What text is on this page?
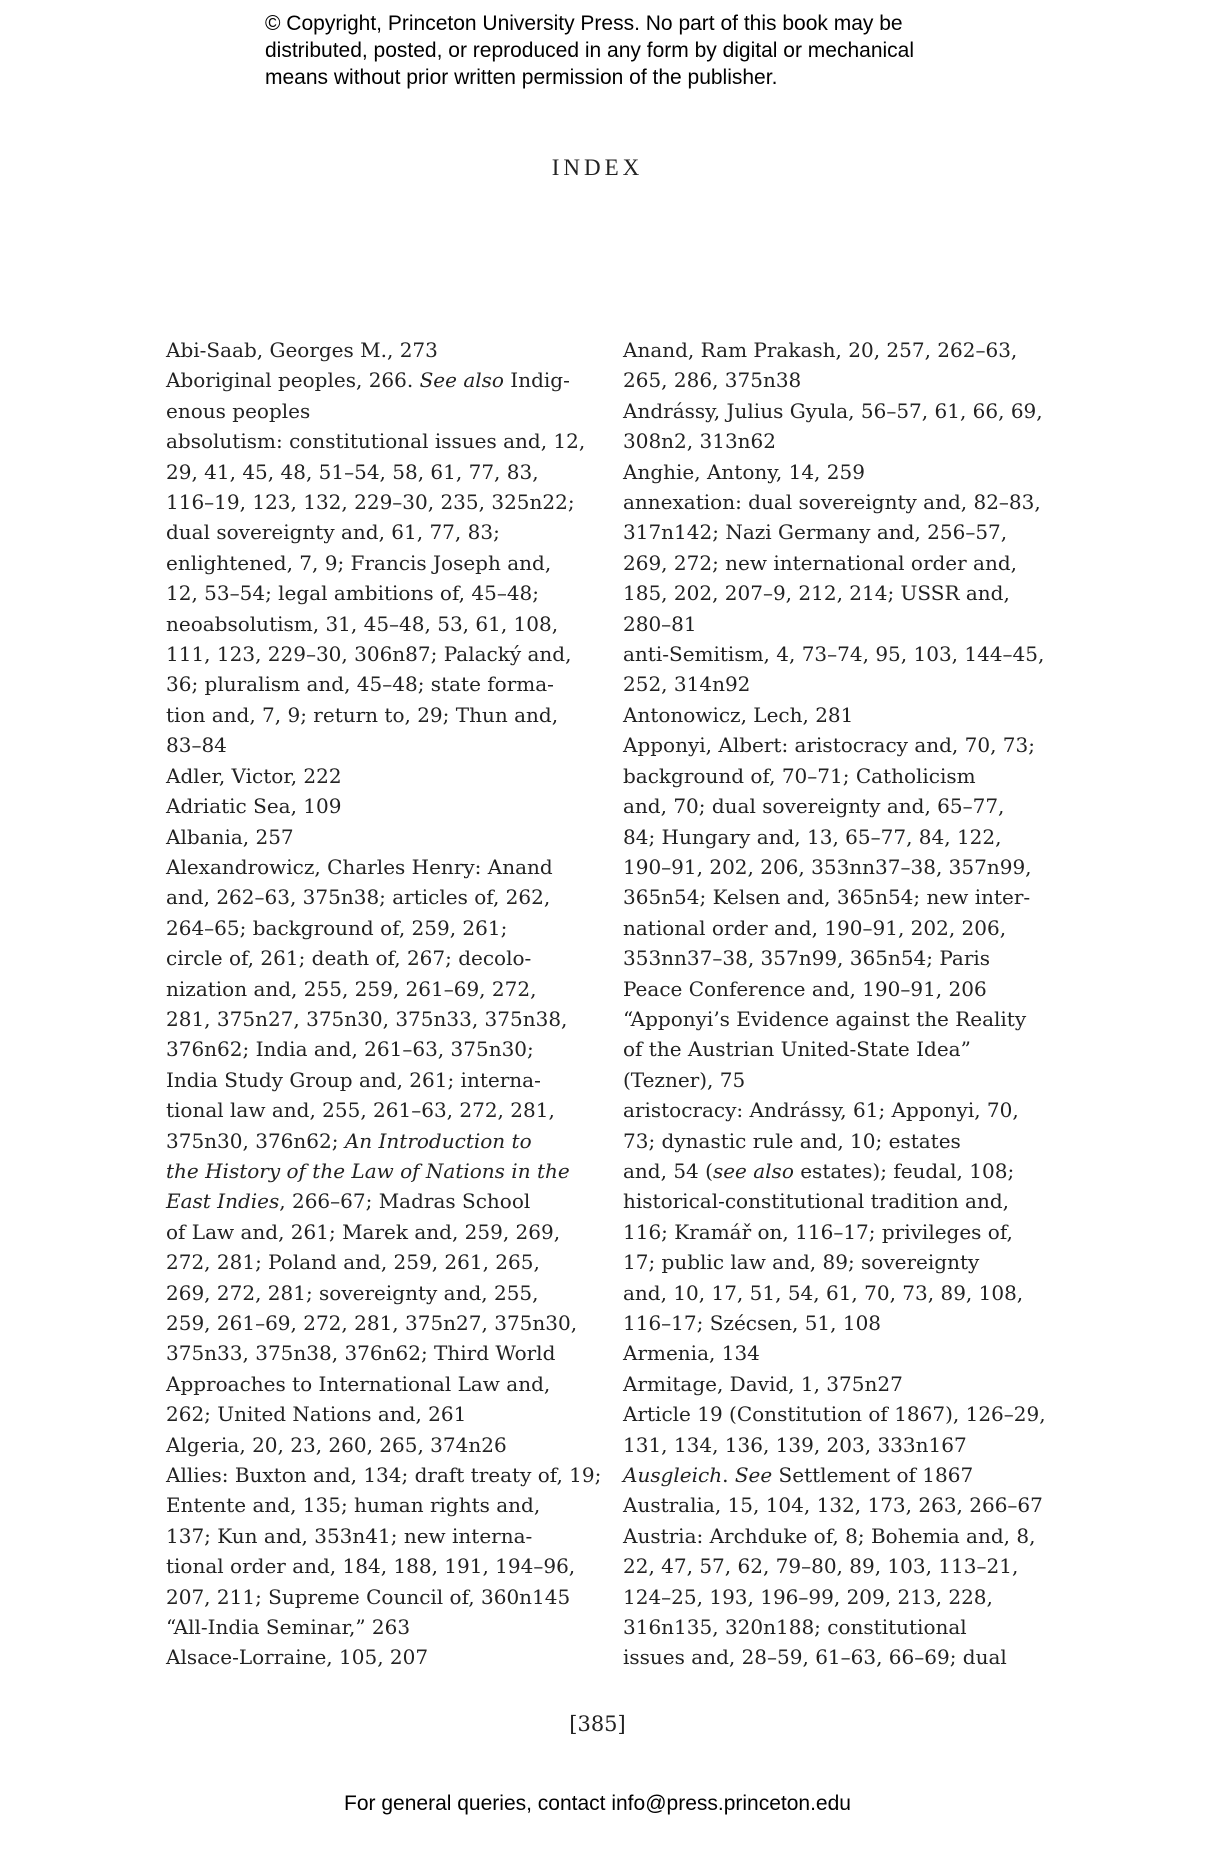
© Copyright, Princeton University Press. No part of this book may be
distributed, posted, or reproduced in any form by digital or mechanical
means without prior written permission of the publisher.
INDEX
Abi-Saab, Georges M., 273
Aboriginal peoples, 266. See also Indig-
enous peoples
absolutism: constitutional issues and, 12,
29, 41, 45, 48, 51–54, 58, 61, 77, 83,
116–19, 123, 132, 229–30, 235, 325n22;
dual sovereignty and, 61, 77, 83;
enlightened, 7, 9; Francis Joseph and,
12, 53–54; legal ambitions of, 45–48;
neoabsolutism, 31, 45–48, 53, 61, 108,
111, 123, 229–30, 306n87; Palacký and,
36; pluralism and, 45–48; state forma-
tion and, 7, 9; return to, 29; Thun and,
83–84
Adler, Victor, 222
Adriatic Sea, 109
Albania, 257
Alexandrowicz, Charles Henry: Anand
and, 262–63, 375n38; articles of, 262,
264–65; background of, 259, 261;
circle of, 261; death of, 267; decolo-
nization and, 255, 259, 261–69, 272,
281, 375n27, 375n30, 375n33, 375n38,
376n62; India and, 261–63, 375n30;
India Study Group and, 261; interna-
tional law and, 255, 261–63, 272, 281,
375n30, 376n62; An Introduction to
the History of the Law of Nations in the
East Indies, 266–67; Madras School
of Law and, 261; Marek and, 259, 269,
272, 281; Poland and, 259, 261, 265,
269, 272, 281; sovereignty and, 255,
259, 261–69, 272, 281, 375n27, 375n30,
375n33, 375n38, 376n62; Third World
Approaches to International Law and,
262; United Nations and, 261
Algeria, 20, 23, 260, 265, 374n26
Allies: Buxton and, 134; draft treaty of, 19;
Entente and, 135; human rights and,
137; Kun and, 353n41; new interna-
tional order and, 184, 188, 191, 194–96,
207, 211; Supreme Council of, 360n145
“All-India Seminar,” 263
Alsace-Lorraine, 105, 207
Anand, Ram Prakash, 20, 257, 262–63,
265, 286, 375n38
Andrássy, Julius Gyula, 56–57, 61, 66, 69,
308n2, 313n62
Anghie, Antony, 14, 259
annexation: dual sovereignty and, 82–83,
317n142; Nazi Germany and, 256–57,
269, 272; new international order and,
185, 202, 207–9, 212, 214; USSR and,
280–81
anti-Semitism, 4, 73–74, 95, 103, 144–45,
252, 314n92
Antonowicz, Lech, 281
Apponyi, Albert: aristocracy and, 70, 73;
background of, 70–71; Catholicism
and, 70; dual sovereignty and, 65–77,
84; Hungary and, 13, 65–77, 84, 122,
190–91, 202, 206, 353nn37–38, 357n99,
365n54; Kelsen and, 365n54; new inter-
national order and, 190–91, 202, 206,
353nn37–38, 357n99, 365n54; Paris
Peace Conference and, 190–91, 206
“Apponyi’s Evidence against the Reality
of the Austrian United-State Idea”
(Tezner), 75
aristocracy: Andrássy, 61; Apponyi, 70,
73; dynastic rule and, 10; estates
and, 54 (see also estates); feudal, 108;
historical-constitutional tradition and,
116; Kramář on, 116–17; privileges of,
17; public law and, 89; sovereignty
and, 10, 17, 51, 54, 61, 70, 73, 89, 108,
116–17; Szécsen, 51, 108
Armenia, 134
Armitage, David, 1, 375n27
Article 19 (Constitution of 1867), 126–29,
131, 134, 136, 139, 203, 333n167
Ausgleich. See Settlement of 1867
Australia, 15, 104, 132, 173, 263, 266–67
Austria: Archduke of, 8; Bohemia and, 8,
22, 47, 57, 62, 79–80, 89, 103, 113–21,
124–25, 193, 196–99, 209, 213, 228,
316n135, 320n188; constitutional
issues and, 28–59, 61–63, 66–69; dual
[385]
For general queries, contact info@press.princeton.edu
